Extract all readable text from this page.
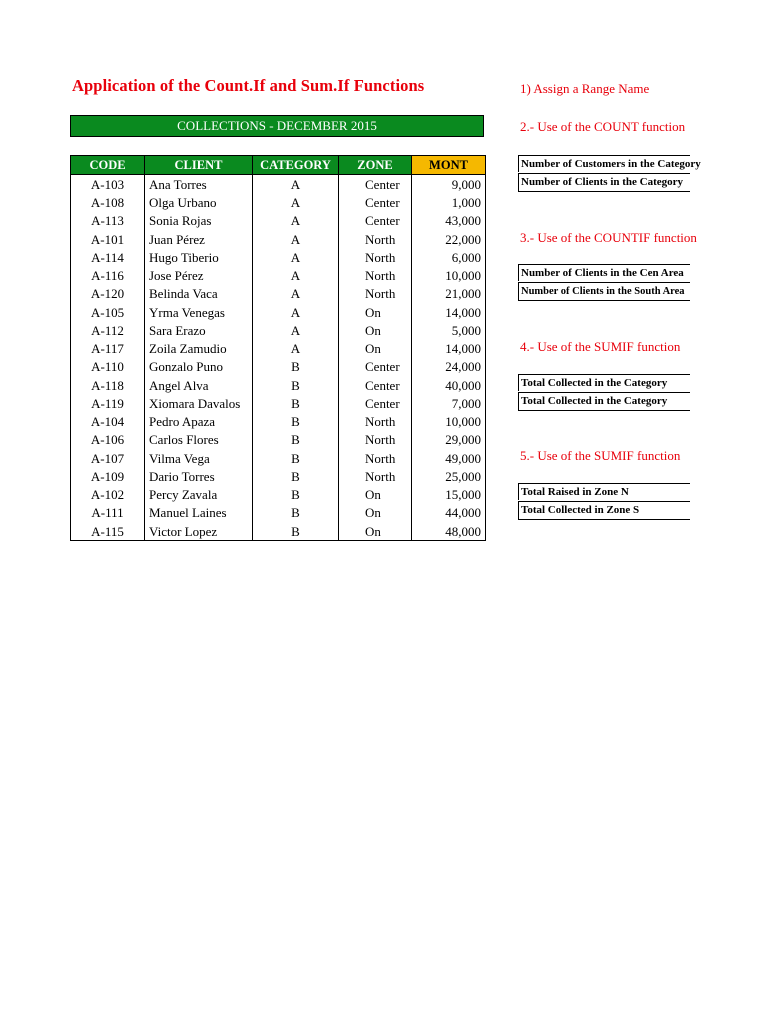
Application of the Count.If and Sum.If Functions
COLLECTIONS - DECEMBER 2015
CODE	CLIENT	CATEGORY	ZONE	MONT
A-103	Ana Torres	A	Center	9,000
A-108	Olga Urbano	A	Center	1,000
A-113	Sonia Rojas	A	Center	43,000
A-101	Juan Pérez	A	North	22,000
A-114	Hugo Tiberio	A	North	6,000
A-116	Jose Pérez	A	North	10,000
A-120	Belinda Vaca	A	North	21,000
A-105	Yrma Venegas	A	On	14,000
A-112	Sara Erazo	A	On	5,000
A-117	Zoila Zamudio	A	On	14,000
A-110	Gonzalo Puno	B	Center	24,000
A-118	Angel Alva	B	Center	40,000
A-119	Xiomara Davalos	B	Center	7,000
A-104	Pedro Apaza	B	North	10,000
A-106	Carlos Flores	B	North	29,000
A-107	Vilma Vega	B	North	49,000
A-109	Dario Torres	B	North	25,000
A-102	Percy Zavala	B	On	15,000
A-111	Manuel Laines	B	On	44,000
A-115	Victor Lopez	B	On	48,000
1) Assign a Range Name
2.- Use of the COUNT function
Number of Customers in the Category
Number of Clients in the Category
3.- Use of the COUNTIF function
Number of Clients in the Cen Area
Number of Clients in the South Area
4.- Use of the SUMIF function
Total Collected in the Category
Total Collected in the Category
5.- Use of the SUMIF function
Total Raised in Zone N
Total Collected in Zone S
